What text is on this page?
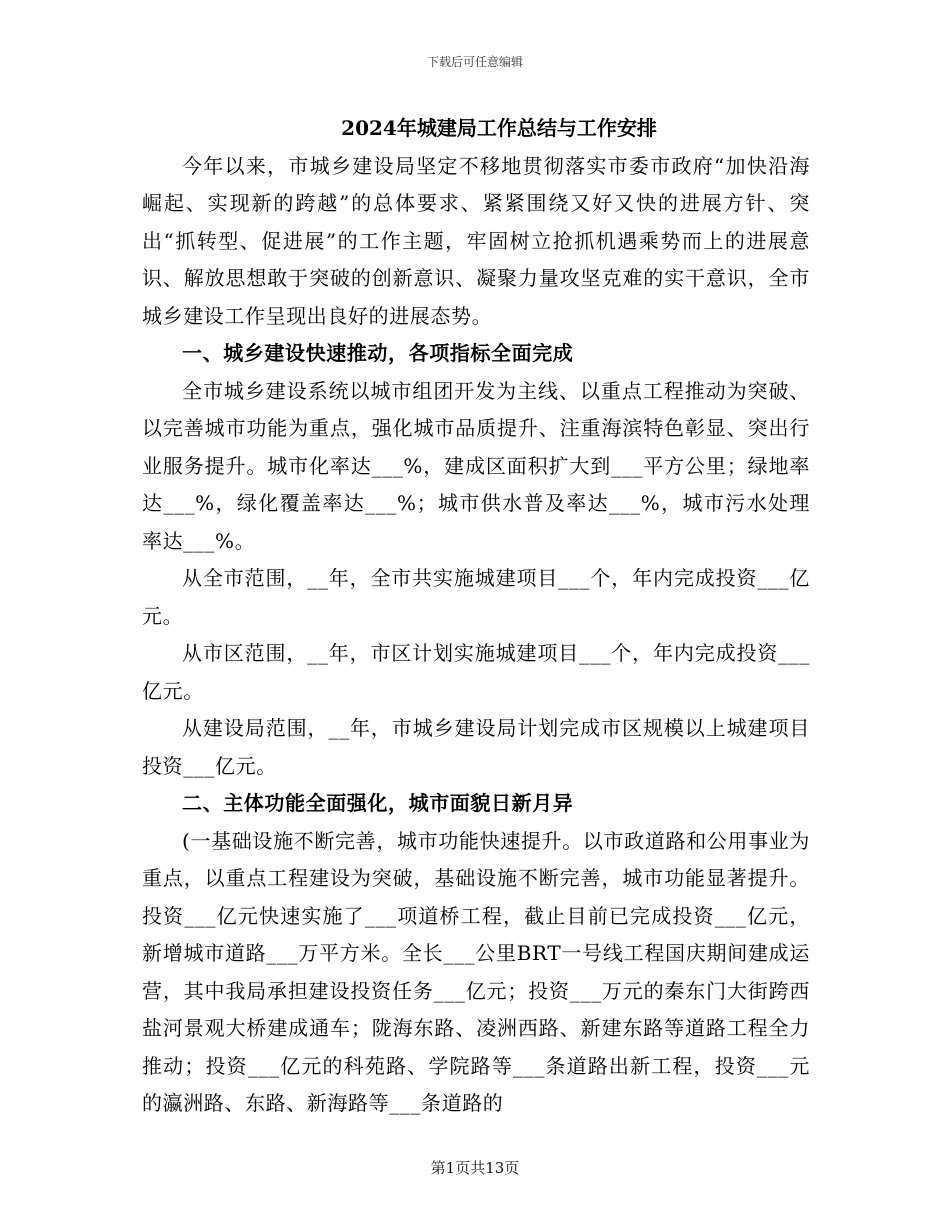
下载后可任意编辑

2024年城建局工作总结与工作安排

今年以来，市城乡建设局坚定不移地贯彻落实市委市政府“加快沿海崛起、实现新的跨越”的总体要求、紧紧围绕又好又快的进展方针、突出“抓转型、促进展”的工作主题，牢固树立抢抓机遇乘势而上的进展意识、解放思想敢于突破的创新意识、凝聚力量攻坚克难的实干意识，全市城乡建设工作呈现出良好的进展态势。

一、城乡建设快速推动，各项指标全面完成

全市城乡建设系统以城市组团开发为主线、以重点工程推动为突破、以完善城市功能为重点，强化城市品质提升、注重海滨特色彰显、突出行业服务提升。城市化率达___%，建成区面积扩大到___平方公里；绿地率达___%，绿化覆盖率达___%；城市供水普及率达___%，城市污水处理率达___%。

从全市范围，__年，全市共实施城建项目___个，年内完成投资___亿元。

从市区范围，__年，市区计划实施城建项目___个，年内完成投资___亿元。

从建设局范围，__年，市城乡建设局计划完成市区规模以上城建项目投资___亿元。

二、主体功能全面强化，城市面貌日新月异

(一基础设施不断完善，城市功能快速提升。以市政道路和公用事业为重点，以重点工程建设为突破，基础设施不断完善，城市功能显著提升。投资___亿元快速实施了___项道桥工程，截止目前已完成投资___亿元，新增城市道路___万平方米。全长___公里BRT一号线工程国庆期间建成运营，其中我局承担建设投资任务___亿元；投资___万元的秦东门大街跨西盐河景观大桥建成通车；陇海东路、凌洲西路、新建东路等道路工程全力推动；投资___亿元的科苑路、学院路等___条道路出新工程，投资___元的瀛洲路、东路、新海路等___条道路的

第1页共13页
